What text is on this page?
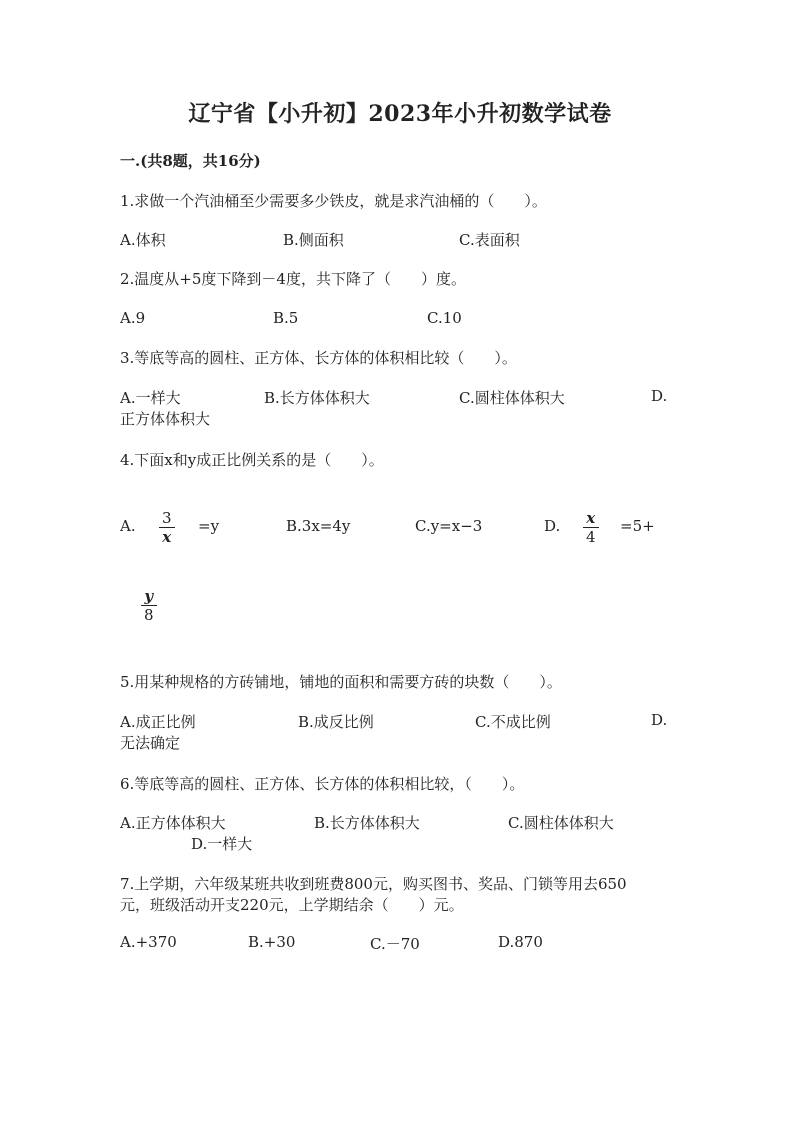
辽宁省【小升初】2023年小升初数学试卷
一.(共8题，共16分)
1.求做一个汽油桶至少需要多少铁皮，就是求汽油桶的（　　）。
A.体积	B.侧面积	C.表面积
2.温度从+5度下降到－4度，共下降了（　　）度。
A.9	B.5	C.10
3.等底等高的圆柱、正方体、长方体的体积相比较（　　）。
A.一样大	B.长方体体积大	C.圆柱体体积大	D.
正方体体积大
4.下面x和y成正比例关系的是（　　）。
A. 3
x
=y	B.3x=4y	C.y=x−3	D. x
4
=5+
y
8
5.用某种规格的方砖铺地，铺地的面积和需要方砖的块数（　　）。
A.成正比例	B.成反比例	C.不成比例	D.
无法确定
6.等底等高的圆柱、正方体、长方体的体积相比较，（　　）。
A.正方体体积大	B.长方体体积大	C.圆柱体体积大
D.一样大
7.上学期，六年级某班共收到班费800元，购买图书、奖品、门锁等用去650
元，班级活动开支220元，上学期结余（　　）元。
A.+370	B.+30	C.－70	D.870
